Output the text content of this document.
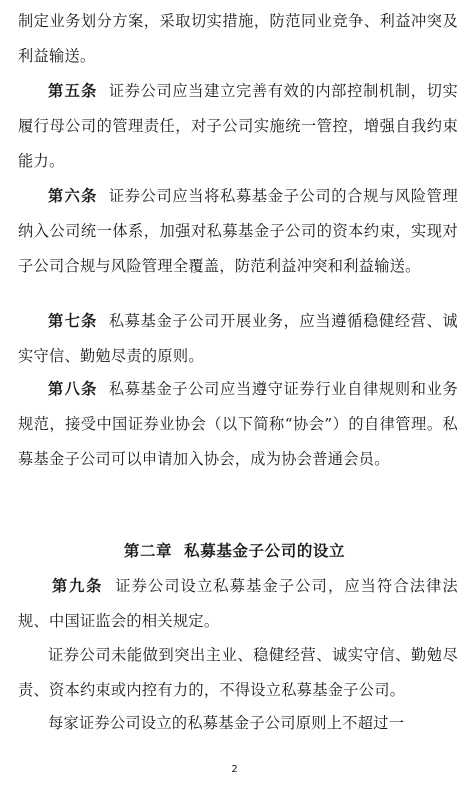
制定业务划分方案，采取切实措施，防范同业竞争、利益冲突及利益输送。

第五条 证券公司应当建立完善有效的内部控制机制，切实履行母公司的管理责任，对子公司实施统一管控，增强自我约束能力。

第六条 证券公司应当将私募基金子公司的合规与风险管理纳入公司统一体系，加强对私募基金子公司的资本约束，实现对子公司合规与风险管理全覆盖，防范利益冲突和利益输送。

第七条 私募基金子公司开展业务，应当遵循稳健经营、诚实守信、勤勉尽责的原则。

第八条 私募基金子公司应当遵守证券行业自律规则和业务规范，接受中国证券业协会（以下简称“协会”）的自律管理。私募基金子公司可以申请加入协会，成为协会普通会员。

第二章  私募基金子公司的设立

第九条 证券公司设立私募基金子公司，应当符合法律法规、中国证监会的相关规定。

证券公司未能做到突出主业、稳健经营、诚实守信、勤勉尽责、资本约束或内控有力的，不得设立私募基金子公司。

每家证券公司设立的私募基金子公司原则上不超过一

2
